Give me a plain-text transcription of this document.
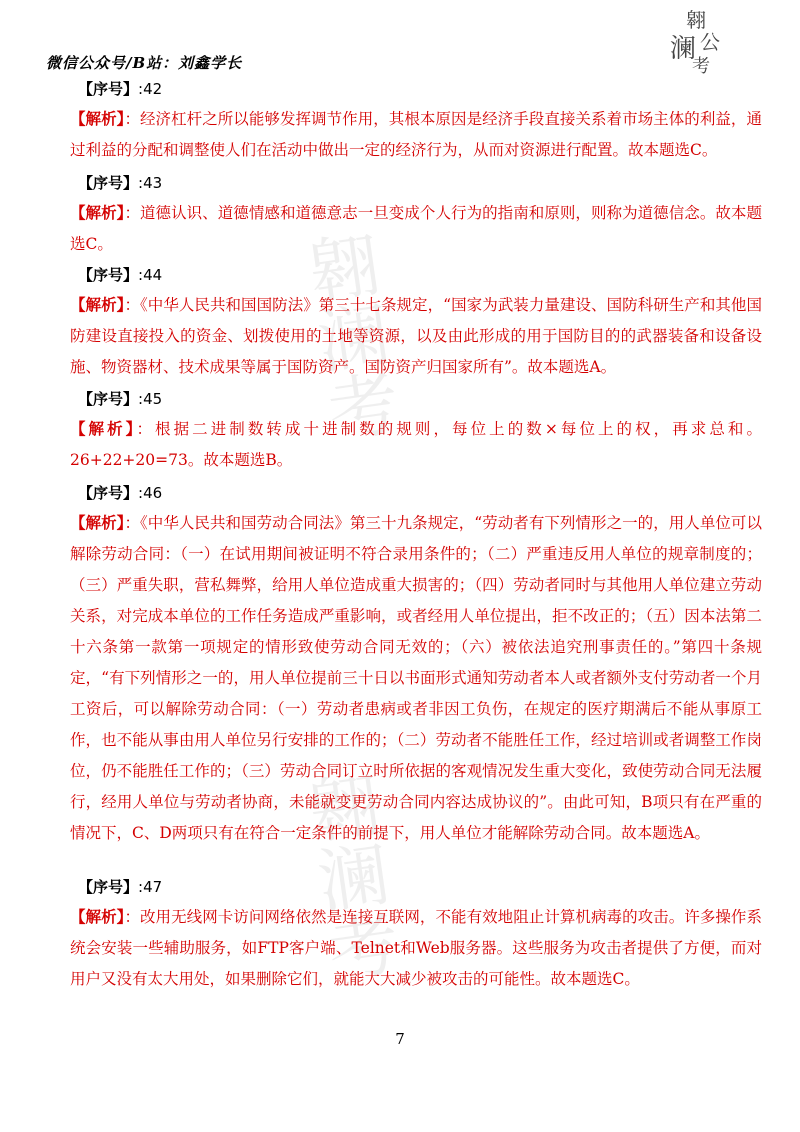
微信公众号/B站：刘鑫学长
翱
澜 公
考
翱
澜
考
翱
澜
考
【序号】:42
【解析】：经济杠杆之所以能够发挥调节作用，其根本原因是经济手段直接关系着市场主体的利益，通过利益的分配和调整使人们在活动中做出一定的经济行为，从而对资源进行配置。故本题选C。
【序号】:43
【解析】：道德认识、道德情感和道德意志一旦变成个人行为的指南和原则，则称为道德信念。故本题选C。
【序号】:44
【解析】：《中华人民共和国国防法》第三十七条规定，“国家为武装力量建设、国防科研生产和其他国防建设直接投入的资金、划拨使用的土地等资源，以及由此形成的用于国防目的的武器装备和设备设施、物资器材、技术成果等属于国防资产。国防资产归国家所有”。故本题选A。
【序号】:45
【解析】：根据二进制数转成十进制数的规则，每位上的数×每位上的权，再求总和。26+22+20=73。故本题选B。
【序号】:46
【解析】：《中华人民共和国劳动合同法》第三十九条规定，“劳动者有下列情形之一的，用人单位可以解除劳动合同：（一）在试用期间被证明不符合录用条件的；（二）严重违反用人单位的规章制度的；（三）严重失职，营私舞弊，给用人单位造成重大损害的；（四）劳动者同时与其他用人单位建立劳动关系，对完成本单位的工作任务造成严重影响，或者经用人单位提出，拒不改正的；（五）因本法第二十六条第一款第一项规定的情形致使劳动合同无效的；（六）被依法追究刑事责任的。”第四十条规定，“有下列情形之一的，用人单位提前三十日以书面形式通知劳动者本人或者额外支付劳动者一个月工资后，可以解除劳动合同：（一）劳动者患病或者非因工负伤，在规定的医疗期满后不能从事原工作，也不能从事由用人单位另行安排的工作的；（二）劳动者不能胜任工作，经过培训或者调整工作岗位，仍不能胜任工作的；（三）劳动合同订立时所依据的客观情况发生重大变化，致使劳动合同无法履行，经用人单位与劳动者协商，未能就变更劳动合同内容达成协议的”。由此可知，B项只有在严重的情况下，C、D两项只有在符合一定条件的前提下，用人单位才能解除劳动合同。故本题选A。
【序号】:47
【解析】：改用无线网卡访问网络依然是连接互联网，不能有效地阻止计算机病毒的攻击。许多操作系统会安装一些辅助服务，如FTP客户端、Telnet和Web服务器。这些服务为攻击者提供了方便，而对用户又没有太大用处，如果删除它们，就能大大减少被攻击的可能性。故本题选C。
7
